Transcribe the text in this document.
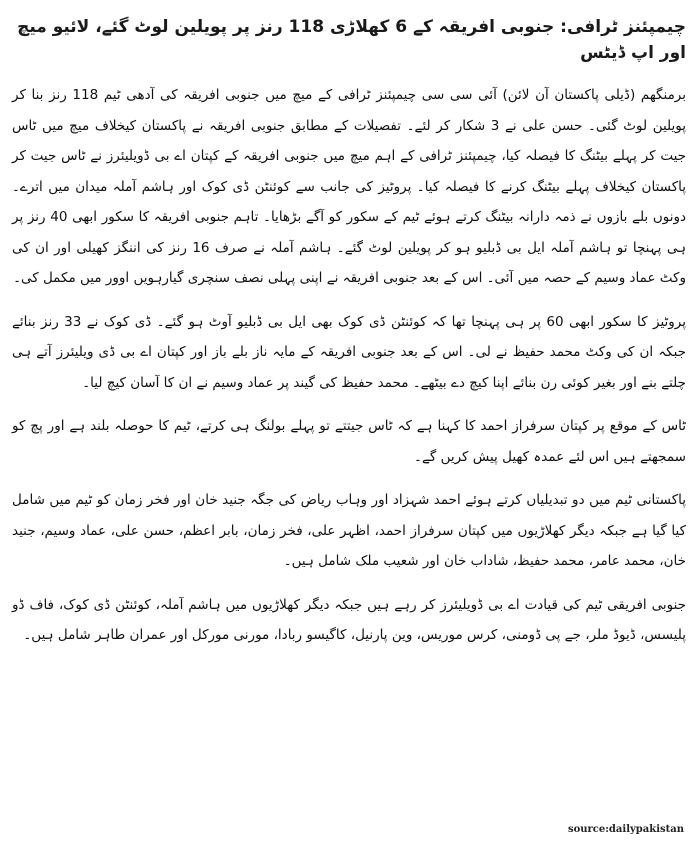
چیمپئنز ٹرافی: جنوبی افریقہ کے 6 کھلاڑی 118 رنز پر پویلین لوٹ گئے، لائیو میچ اور اپ ڈیٹس

برمنگھم (ڈیلی پاکستان آن لائن) آئی سی سی چیمپئنز ٹرافی کے میچ میں جنوبی افریقہ کی آدھی ٹیم 118 رنز بنا کر پویلین لوٹ گئی۔ حسن علی نے 3 شکار کر لئے۔ تفصیلات کے مطابق جنوبی افریقہ نے پاکستان کیخلاف میچ میں ٹاس جیت کر پہلے بیٹنگ کا فیصلہ کیا، چیمپئنز ٹرافی کے اہم میچ میں جنوبی افریقہ کے کپتان اے بی ڈویلیئرز نے ٹاس جیت کر پاکستان کیخلاف پہلے بیٹنگ کرنے کا فیصلہ کیا۔ پروٹیز کی جانب سے کوئنٹن ڈی کوک اور ہاشم آملہ میدان میں اترے۔ دونوں بلے بازوں نے ذمہ دارانہ بیٹنگ کرتے ہوئے ٹیم کے سکور کو آگے بڑھایا۔ تاہم جنوبی افریقہ کا سکور ابھی 40 رنز پر ہی پہنچا تو ہاشم آملہ ایل بی ڈبلیو ہو کر پویلین لوٹ گئے۔ ہاشم آملہ نے صرف 16 رنز کی اننگز کھیلی اور ان کی وکٹ عماد وسیم کے حصہ میں آئی۔ اس کے بعد جنوبی افریقہ نے اپنی پہلی نصف سنچری گیارہویں اوور میں مکمل کی۔

پروٹیز کا سکور ابھی 60 پر ہی پہنچا تھا کہ کوئنٹن ڈی کوک بھی ایل بی ڈبلیو آوٹ ہو گئے۔ ڈی کوک نے 33 رنز بنائے جبکہ ان کی وکٹ محمد حفیظ نے لی۔ اس کے بعد جنوبی افریقہ کے مایہ ناز بلے باز اور کپتان اے بی ڈی ویلیئرز آتے ہی چلتے بنے اور بغیر کوئی رن بنائے اپنا کیچ دے بیٹھے۔ محمد حفیظ کی گیند پر عماد وسیم نے ان کا آسان کیچ لیا۔

ٹاس کے موقع پر کپتان سرفراز احمد کا کہنا ہے کہ ٹاس جیتتے تو پہلے بولنگ ہی کرتے، ٹیم کا حوصلہ بلند ہے اور پچ کو سمجھتے ہیں اس لئے عمدہ کھیل پیش کریں گے۔

پاکستانی ٹیم میں دو تبدیلیاں کرتے ہوئے احمد شہزاد اور وہاب ریاض کی جگہ جنید خان اور فخر زمان کو ٹیم میں شامل کیا گیا ہے جبکہ دیگر کھلاڑیوں میں کپتان سرفراز احمد، اظہر علی، فخر زمان، بابر اعظم، حسن علی، عماد وسیم، جنید خان، محمد عامر، محمد حفیظ، شاداب خان اور شعیب ملک شامل ہیں۔

جنوبی افریقی ٹیم کی قیادت اے بی ڈویلیئرز کر رہے ہیں جبکہ دیگر کھلاڑیوں میں ہاشم آملہ، کوئنٹن ڈی کوک، فاف ڈو پلیسس، ڈیوڈ ملر، جے پی ڈومنی، کرس موریس، وین پارنیل، کاگیسو ربادا، مورنی مورکل اور عمران طاہر شامل ہیں۔

source:dailypakistan
